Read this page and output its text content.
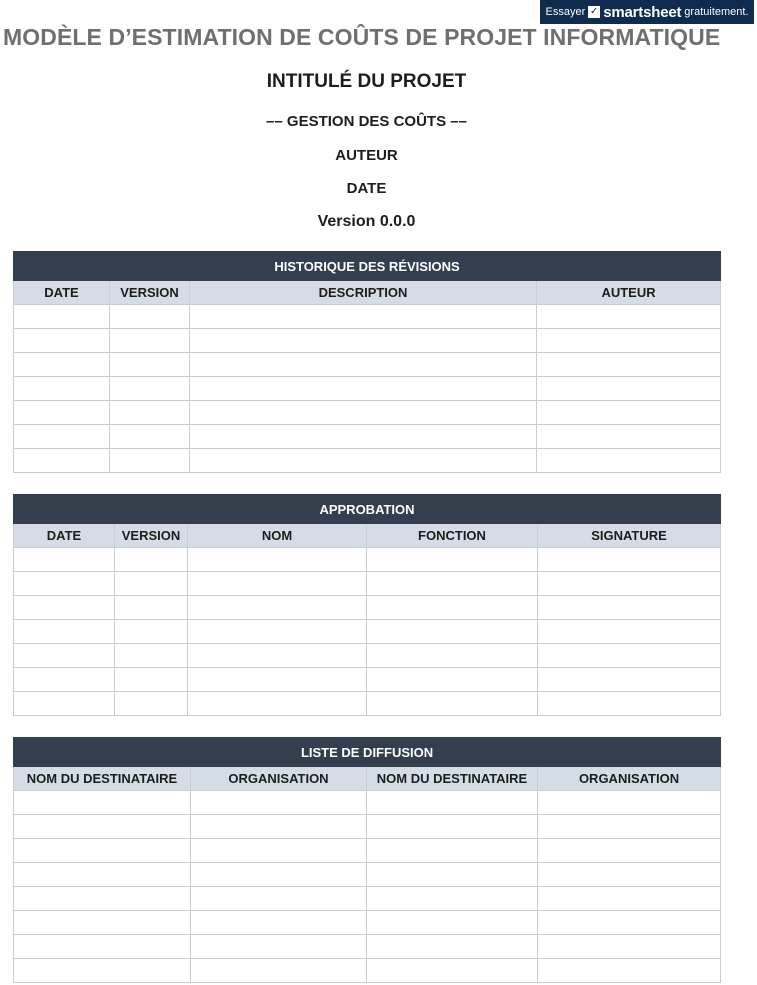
Essayer ✓ smartsheet gratuitement.
MODÈLE D’ESTIMATION DE COÛTS DE PROJET INFORMATIQUE

INTITULÉ DU PROJET

–– GESTION DES COÛTS ––

AUTEUR

DATE

Version 0.0.0

HISTORIQUE DES RÉVISIONS			
DATE	VERSION	DESCRIPTION	AUTEUR

APPROBATION				
DATE	VERSION	NOM	FONCTION	SIGNATURE

LISTE DE DIFFUSION			
NOM DU DESTINATAIRE	ORGANISATION	NOM DU DESTINATAIRE	ORGANISATION
